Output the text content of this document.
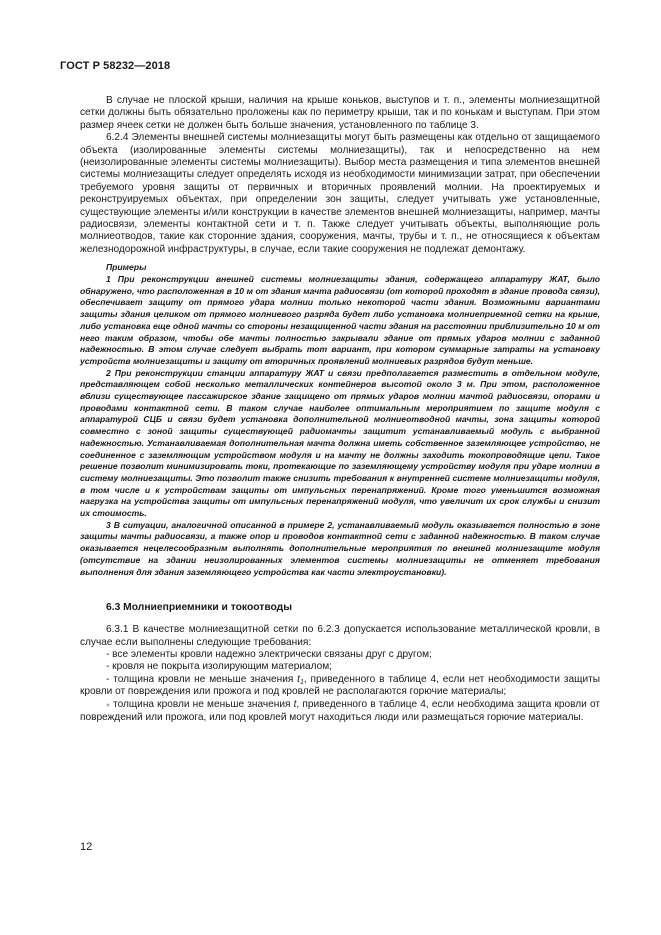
ГОСТ Р 58232—2018

В случае не плоской крыши, наличия на крыше коньков, выступов и т. п., элементы молниезащитной сетки должны быть обязательно проложены как по периметру крыши, так и по конькам и выступам. При этом размер ячеек сетки не должен быть больше значения, установленного по таблице 3.

6.2.4 Элементы внешней системы молниезащиты могут быть размещены как отдельно от защищаемого объекта (изолированные элементы системы молниезащиты), так и непосредственно на нем (неизолированные элементы системы молниезащиты). Выбор места размещения и типа элементов внешней системы молниезащиты следует определять исходя из необходимости минимизации затрат, при обеспечении требуемого уровня защиты от первичных и вторичных проявлений молнии. На проектируемых и реконструируемых объектах, при определении зон защиты, следует учитывать уже установленные, существующие элементы и/или конструкции в качестве элементов внешней молниезащиты, например, мачты радиосвязи, элементы контактной сети и т. п. Также следует учитывать объекты, выполняющие роль молниеотводов, такие как сторонние здания, сооружения, мачты, трубы и т. п., не относящиеся к объектам железнодорожной инфраструктуры, в случае, если такие сооружения не подлежат демонтажу.

Примеры

1 При реконструкции внешней системы молниезащиты здания, содержащего аппаратуру ЖАТ, было обнаружено, что расположенная в 10 м от здания мачта радиосвязи (от которой проходят в здание провода связи), обеспечивает защиту от прямого удара молнии только некоторой части здания. Возможными вариантами защиты здания целиком от прямого молниевого разряда будет либо установка молниеприемной сетки на крыше, либо установка еще одной мачты со стороны незащищенной части здания на расстоянии приблизительно 10 м от него таким образом, чтобы обе мачты полностью закрывали здание от прямых ударов молнии с заданной надежностью. В этом случае следует выбрать тот вариант, при котором суммарные затраты на установку устройств молниезащиты и защиту от вторичных проявлений молниевых разрядов будут меньше.

2 При реконструкции станции аппаратуру ЖАТ и связи предполагается разместить в отдельном модуле, представляющем собой несколько металлических контейнеров высотой около 3 м. При этом, расположенное вблизи существующее пассажирское здание защищено от прямых ударов молнии мачтой радиосвязи, опорами и проводами контактной сети. В таком случае наиболее оптимальным мероприятием по защите модуля с аппаратурой СЦБ и связи будет установка дополнительной молниеотводной мачты, зона защиты которой совместно с зоной защиты существующей радиомачты защитит устанавливаемый модуль с выбранной надежностью. Устанавливаемая дополнительная мачта должна иметь собственное заземляющее устройство, не соединенное с заземляющим устройством модуля и на мачту не должны заходить токопроводящие цепи. Такое решение позволит минимизировать токи, протекающие по заземляющему устройству модуля при ударе молнии в систему молниезащиты. Это позволит также снизить требования к внутренней системе молниезащиты модуля, в том числе и к устройствам защиты от импульсных перенапряжений. Кроме того уменьшится возможная нагрузка на устройства защиты от импульсных перенапряжений модуля, что увеличит их срок службы и снизит их стоимость.

3 В ситуации, аналогичной описанной в примере 2, устанавливаемый модуль оказывается полностью в зоне защиты мачты радиосвязи, а также опор и проводов контактной сети с заданной надежностью. В таком случае оказывается нецелесообразным выполнять дополнительные мероприятия по внешней молниезащите модуля (отсутствие на здании неизолированных элементов системы молниезащиты не отменяет требования выполнения для здания заземляющего устройства как части электроустановки).

6.3 Молниеприемники и токоотводы

6.3.1 В качестве молниезащитной сетки по 6.2.3 допускается использование металлической кровли, в случае если выполнены следующие требования:

- все элементы кровли надежно электрически связаны друг с другом;

- кровля не покрыта изолирующим материалом;

- толщина кровли не меньше значения $t_1$, приведенного в таблице 4, если нет необходимости защиты кровли от повреждения или прожога и под кровлей не располагаются горючие материалы;

» толщина кровли не меньше значения t, приведенного в таблице 4, если необходима защита кровли от повреждений или прожога, или под кровлей могут находиться люди или размещаться горючие материалы.

12
